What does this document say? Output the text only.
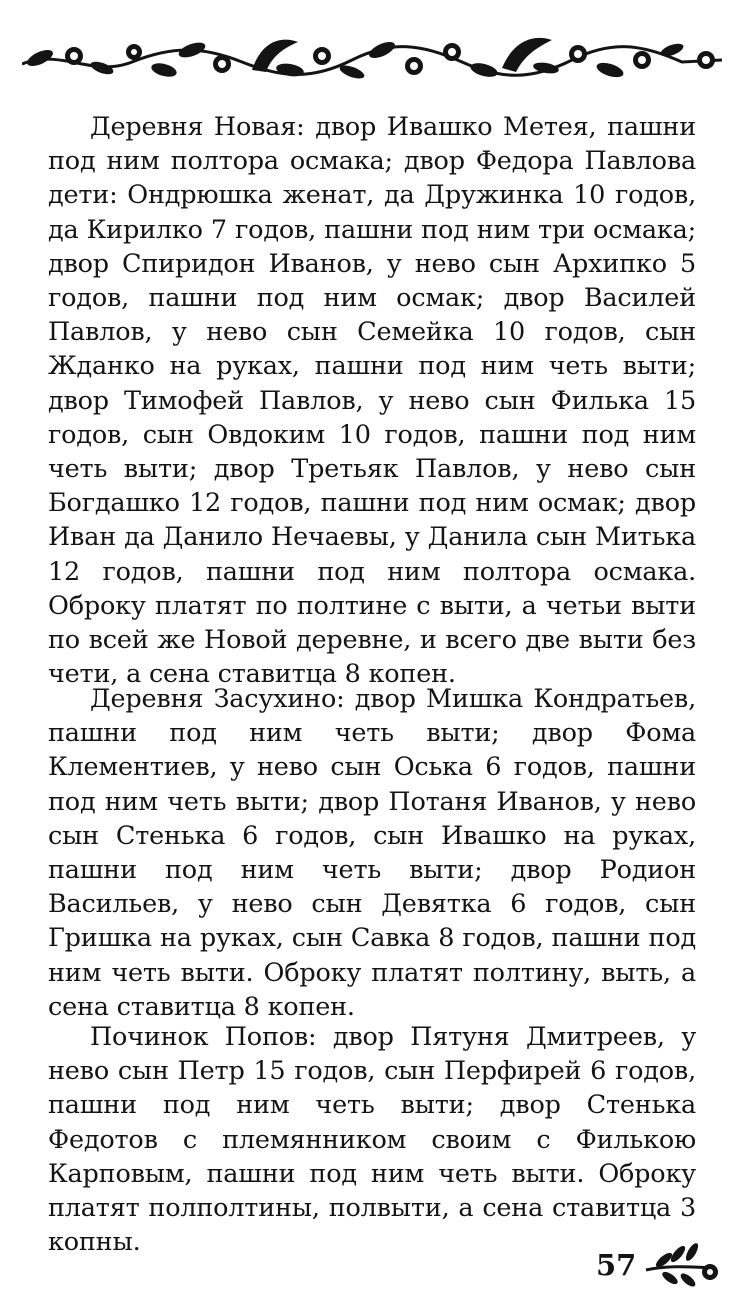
Деревня Новая: двор Ивашко Метея, пашни под ним полтора осмака; двор Федора Павлова дети: Ондрюшка женат, да Дружинка 10 годов, да Кирилко 7 годов, пашни под ним три осмака; двор Спиридон Иванов, у нево сын Архипко 5 годов, пашни под ним осмак; двор Василей Павлов, у нево сын Семейка 10 годов, сын Жданко на руках, пашни под ним четь выти; двор Тимофей Павлов, у нево сын Филька 15 годов, сын Овдоким 10 годов, пашни под ним четь выти; двор Третьяк Павлов, у нево сын Богдашко 12 годов, пашни под ним осмак; двор Иван да Данило Нечаевы, у Данила сын Митька 12 годов, пашни под ним полтора осмака. Оброку платят по полтине с выти, а четьи выти по всей же Новой деревне, и всего две выти без чети, а сена ставитца 8 копен.

Деревня Засухино: двор Мишка Кондратьев, пашни под ним четь выти; двор Фома Клементиев, у нево сын Оська 6 годов, пашни под ним четь выти; двор Потаня Иванов, у нево сын Стенька 6 годов, сын Ивашко на руках, пашни под ним четь выти; двор Родион Васильев, у нево сын Девятка 6 годов, сын Гришка на руках, сын Савка 8 годов, пашни под ним четь выти. Оброку платят полтину, выть, а сена ставитца 8 копен.

Починок Попов: двор Пятуня Дмитреев, у нево сын Петр 15 годов, сын Перфирей 6 годов, пашни под ним четь выти; двор Стенька Федотов с племянником своим с Филькою Карповым, пашни под ним четь выти. Оброку платят полполтины, полвыти, а сена ставитца 3 копны.

57
